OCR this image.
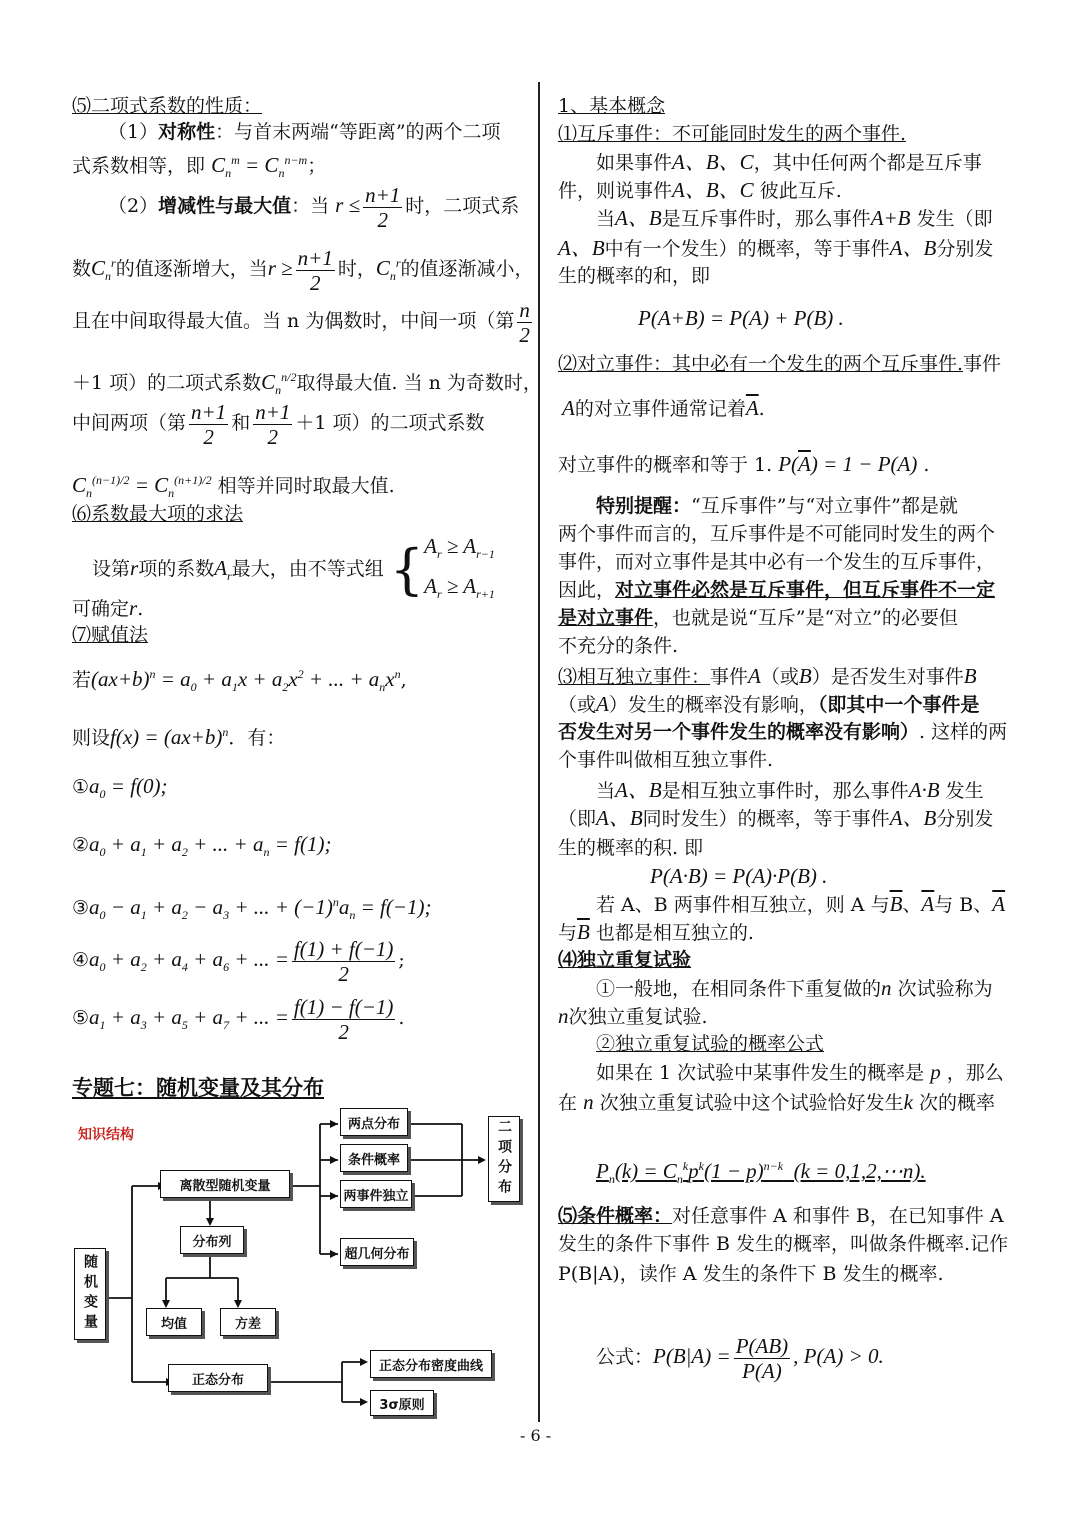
⑸二项式系数的性质：
（1）对称性：与首末两端“等距离”的两个二项
式系数相等，即 $C_n^m = C_n^{n-m}$；
（2）增减性与最大值：当 $r \le \frac{n+1}{2}$ 时，二项式系
数$C_n^r$的值逐渐增大，当$r \ge \frac{n+1}{2}$ 时，$C_n^r$的值逐渐减小，
且在中间取得最大值。当 n 为偶数时，中间一项（第 $\frac{n}{2}$
＋1 项）的二项式系数$C_n^{n/2}$取得最大值. 当 n 为奇数时，
中间两项（第 $\frac{n+1}{2}$ 和 $\frac{n+1}{2} +1$ 项）的二项式系数
$C_n^{(n-1)/2} = C_n^{(n+1)/2}$ 相等并同时取最大值.
⑹系数最大项的求法
设第r项的系数$A_r$最大，由不等式组 { $A_r \ge A_{r-1}$
$A_r \ge A_{r+1}$
可确定r.
⑺赋值法
若$(ax+b)^n = a_0 + a_1x + a_2x^2$ + ... + $a_nx^n$,
则设$f(x) = (ax+b)^n$．有：
$①a_0 = f(0)$;
$②a_0 + a_1 + a_2$ + ... + $a_n = f(1)$;
$③a_0 - a_1 + a_2 - a_3$ + ... + $(-1)^na_n = f(-1)$;
$④a_0 + a_2 + a_4 + a_6$ + ... = $\frac{f(1) + f(-1)}{2}$ ;
$⑤a_1 + a_3 + a_5 + a_7$ + ... = $\frac{f(1) - f(-1)}{2}$ .
专题七：随机变量及其分布
知识结构
随机变量
离散型随机变量
分布列
均值	方差
正态分布
两点分布
条件概率
两事件独立
超几何分布
二项分布
正态分布密度曲线
3σ原则
1、基本概念
⑴互斥事件：不可能同时发生的两个事件.
如果事件A、B、C，其中任何两个都是互斥事
件，则说事件A、B、C 彼此互斥.
当A、B是互斥事件时，那么事件A+B 发生（即
A、B中有一个发生）的概率，等于事件A、B分别发
生的概率的和，即
P(A+B) = P(A) + P(B) .
⑵对立事件：其中必有一个发生的两个互斥事件.事件
A的对立事件通常记着$\overline{A}$.
对立事件的概率和等于 1. $P(\overline{A}) = 1 - P(A)$ .
特别提醒：“互斥事件”与“对立事件”都是就
两个事件而言的，互斥事件是不可能同时发生的两个
事件，而对立事件是其中必有一个发生的互斥事件，
因此，对立事件必然是互斥事件，但互斥事件不一定
是对立事件，也就是说“互斥”是“对立”的必要但
不充分的条件.
⑶相互独立事件：事件A（或B）是否发生对事件B
（或A）发生的概率没有影响，（即其中一个事件是
否发生对另一个事件发生的概率没有影响）. 这样的两
个事件叫做相互独立事件.
当A、B是相互独立事件时，那么事件A·B 发生
（即A、B同时发生）的概率，等于事件A、B分别发
生的概率的积. 即
P(A·B) = P(A)·P(B) .
若 A、B 两事件相互独立，则 A 与$\overline{B}$、$\overline{A}$与 B、$\overline{A}$
与$\overline{B}$ 也都是相互独立的.
⑷独立重复试验
①一般地，在相同条件下重复做的n 次试验称为
n次独立重复试验.
②独立重复试验的概率公式
如果在 1 次试验中某事件发生的概率是 p ，那么
在 n 次独立重复试验中这个试验恰好发生k 次的概率
$P_n(k) = C_n^kp^k(1 - p)^{n-k}$  (k = 0,1,2,⋯n).
⑸条件概率：对任意事件 A 和事件 B，在已知事件 A
发生的条件下事件 B 发生的概率，叫做条件概率.记作
P(B|A)，读作 A 发生的条件下 B 发生的概率.
公式：$P(B|A) = \frac{P(AB)}{P(A)}$ , P(A) > 0.
- 6 -
